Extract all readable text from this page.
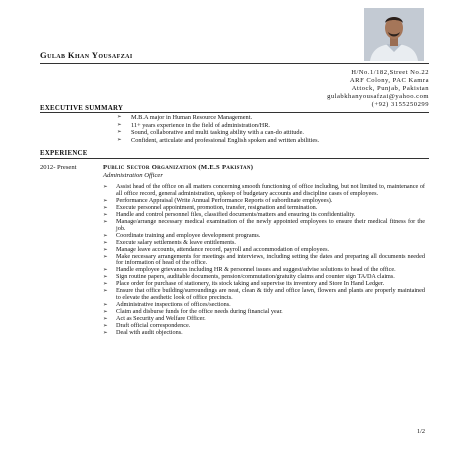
Gulab Khan Yousafzai
H/No.1/182,Street No.22
ARF Colony, PAC Kamra
Attock, Punjab, Pakistan
gulabkhanyousafzai@yahoo.com
(+92) 3155250299
EXECUTIVE SUMMARY
➢ M.B.A major in Human Resource Management.
➢ 11+ years experience in the field of administration/HR.
➢ Sound, collaborative and multi tasking ability with a can-do attitude.
➢ Confident, articulate and professional English spoken and written abilities.
EXPERIENCE
2012- Present	Public Sector Organization (M.E.S Pakistan)
Administration Officer
➢ Assist head of the office on all matters concerning smooth functioning of office including, but not limited to, maintenance of all office record, general administration, upkeep of budgetary accounts and discipline cases of employees.
➢ Performance Appraisal (Write Annual Performance Reports of subordinate employees).
➢ Execute personnel appointment, promotion, transfer, resignation and termination.
➢ Handle and control personnel files, classified documents/matters and ensuring its confidentiality.
➢ Manage/arrange necessary medical examination of the newly appointed employees to ensure their medical fitness for the job.
➢ Coordinate training and employee development programs.
➢ Execute salary settlements & leave entitlements.
➢ Manage leave accounts, attendance record, payroll and accommodation of employees.
➢ Make necessary arrangements for meetings and interviews, including setting the dates and preparing all documents needed for information of head of the office.
➢ Handle employee grievances including HR & personnel issues and suggest/advise solutions to head of the office.
➢ Sign routine papers, auditable documents, pension/commutation/gratuity claims and counter sign TA/DA claims.
➢ Place order for purchase of stationery, its stock taking and supervise its inventory and Store In Hand Ledger.
➢ Ensure that office building/surroundings are neat, clean & tidy and office lawn, flowers and plants are properly maintained to elevate the aesthetic look of office precincts.
➢ Administrative inspections of offices/sections.
➢ Claim and disburse funds for the office needs during financial year.
➢ Act as Security and Welfare Officer.
➢ Draft official correspondence.
➢ Deal with audit objections.
1/2
